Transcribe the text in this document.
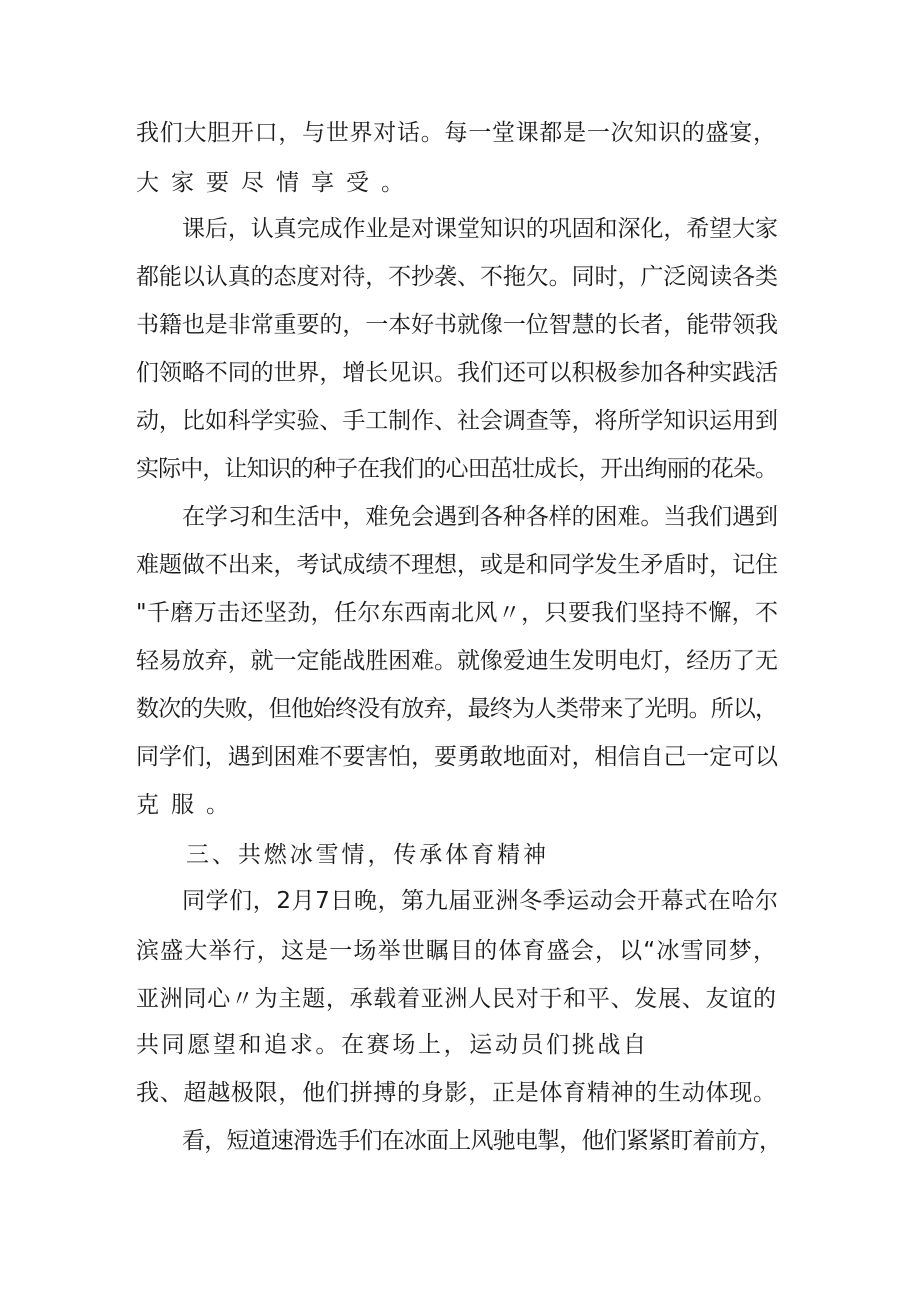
我们大胆开口，与世界对话。每一堂课都是一次知识的盛宴，

大家要尽情享受。

课后，认真完成作业是对课堂知识的巩固和深化，希望大家

都能以认真的态度对待，不抄袭、不拖欠。同时，广泛阅读各类

书籍也是非常重要的，一本好书就像一位智慧的长者，能带领我

们领略不同的世界，增长见识。我们还可以积极参加各种实践活

动，比如科学实验、手工制作、社会调查等，将所学知识运用到

实际中，让知识的种子在我们的心田茁壮成长，开出绚丽的花朵。

在学习和生活中，难免会遇到各种各样的困难。当我们遇到

难题做不出来，考试成绩不理想，或是和同学发生矛盾时，记住

"千磨万击还坚劲，任尔东西南北风〃，只要我们坚持不懈，不

轻易放弃，就一定能战胜困难。就像爱迪生发明电灯，经历了无

数次的失败，但他始终没有放弃，最终为人类带来了光明。所以，

同学们，遇到困难不要害怕，要勇敢地面对，相信自己一定可以

克服。

三、共燃冰雪情，传承体育精神

同学们，2月7日晚，第九届亚洲冬季运动会开幕式在哈尔

滨盛大举行，这是一场举世瞩目的体育盛会，以“冰雪同梦，

亚洲同心〃为主题，承载着亚洲人民对于和平、发展、友谊的

共同愿望和追求。在赛场上，运动员们挑战自

我、超越极限，他们拼搏的身影，正是体育精神的生动体现。

看，短道速滑选手们在冰面上风驰电掣，他们紧紧盯着前方，
